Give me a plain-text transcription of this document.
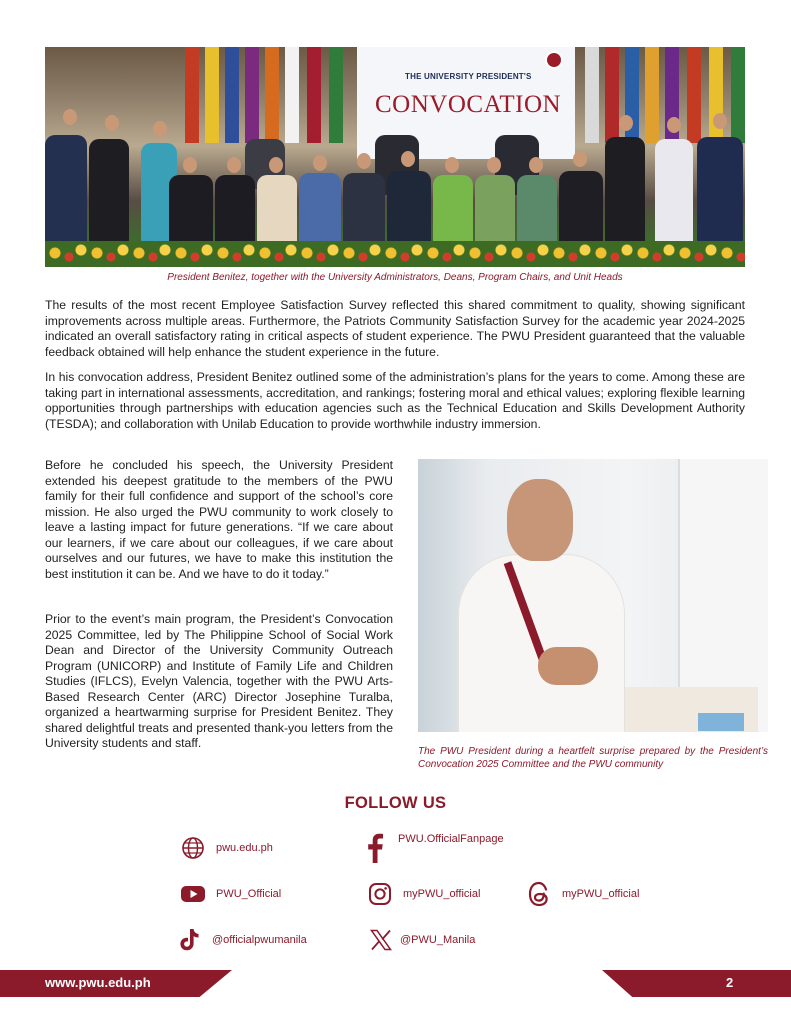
THE UNIVERSITY PRESIDENT'S
CONVOCATION
President Benitez, together with the University Administrators, Deans, Program Chairs, and Unit Heads

The results of the most recent Employee Satisfaction Survey reflected this shared commitment to quality, showing significant improvements across multiple areas. Furthermore, the Patriots Community Satisfaction Survey for the academic year 2024-2025 indicated an overall satisfactory rating in critical aspects of student experience. The PWU President guaranteed that the valuable feedback obtained will help enhance the student experience in the future.

In his convocation address, President Benitez outlined some of the administration’s plans for the years to come. Among these are taking part in international assessments, accreditation, and rankings; fostering moral and ethical values; exploring flexible learning opportunities through partnerships with education agencies such as the Technical Education and Skills Development Authority (TESDA); and collaboration with Unilab Education to provide worthwhile industry immersion.

Before he concluded his speech, the University President extended his deepest gratitude to the members of the PWU family for their full confidence and support of the school’s core mission. He also urged the PWU community to work closely to leave a lasting impact for future generations. “If we care about our learners, if we care about our colleagues, if we care about ourselves and our futures, we have to make this institution the best institution it can be. And we have to do it today.”

Prior to the event’s main program, the President’s Convocation 2025 Committee, led by The Philippine School of Social Work Dean and Director of the University Community Outreach Program (UNICORP) and Institute of Family Life and Children Studies (IFLCS), Evelyn Valencia, together with the PWU Arts-Based Research Center (ARC) Director Josephine Turalba, organized a heartwarming surprise for President Benitez. They shared delightful treats and presented thank-you letters from the University students and staff.

The PWU President during a heartfelt surprise prepared by the President’s Convocation 2025 Committee and the PWU community

FOLLOW US
pwu.edu.ph
PWU.OfficialFanpage
PWU_Official	myPWU_official	myPWU_official
@officialpwumanila	@PWU_Manila
www.pwu.edu.ph	2
